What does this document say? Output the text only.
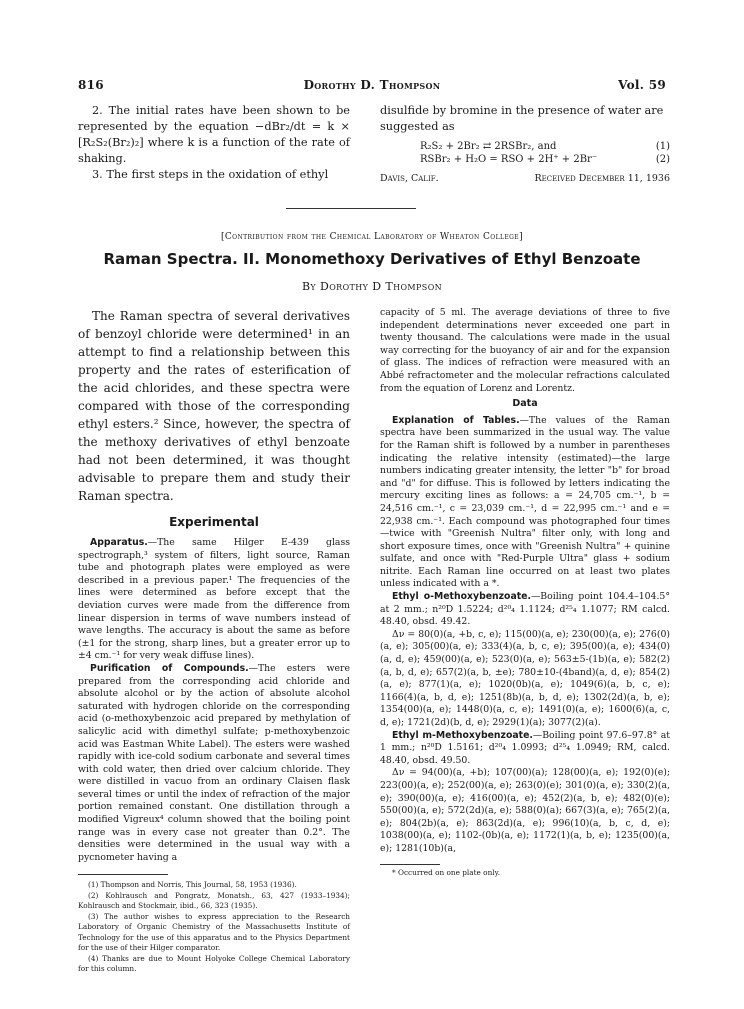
816	Dorothy D. Thompson	Vol. 59

2. The initial rates have been shown to be represented by the equation −dBr₂/dt = k × [R₂S₂(Br₂)₂] where k is a function of the rate of shaking.

3. The first steps in the oxidation of ethyl

disulfide by bromine in the presence of water are suggested as

R₂S₂ + 2Br₂ ⇄ 2RSBr₂, and	(1)
RSBr₂ + H₂O = RSO + 2H⁺ + 2Br⁻	(2)
Davis, Calif.	Received December 11, 1936
[Contribution from the Chemical Laboratory of Wheaton College]
Raman Spectra. II. Monomethoxy Derivatives of Ethyl Benzoate
By Dorothy D Thompson

The Raman spectra of several derivatives of benzoyl chloride were determined¹ in an attempt to find a relationship between this property and the rates of esterification of the acid chlorides, and these spectra were compared with those of the corresponding ethyl esters.² Since, however, the spectra of the methoxy derivatives of ethyl benzoate had not been determined, it was thought advisable to prepare them and study their Raman spectra.

Experimental

Apparatus.—The same Hilger E-439 glass spectrograph,³ system of filters, light source, Raman tube and photograph plates were employed as were described in a previous paper.¹ The frequencies of the lines were determined as before except that the deviation curves were made from the difference from linear dispersion in terms of wave numbers instead of wave lengths. The accuracy is about the same as before (±1 for the strong, sharp lines, but a greater error up to ±4 cm.⁻¹ for very weak diffuse lines).

Purification of Compounds.—The esters were prepared from the corresponding acid chloride and absolute alcohol or by the action of absolute alcohol saturated with hydrogen chloride on the corresponding acid (o-methoxybenzoic acid prepared by methylation of salicylic acid with dimethyl sulfate; p-methoxybenzoic acid was Eastman White Label). The esters were washed rapidly with ice-cold sodium carbonate and several times with cold water, then dried over calcium chloride. They were distilled in vacuo from an ordinary Claisen flask several times or until the index of refraction of the major portion remained constant. One distillation through a modified Vigreux⁴ column showed that the boiling point range was in every case not greater than 0.2°. The densities were determined in the usual way with a pycnometer having a

(1) Thompson and Norris, This Journal, 58, 1953 (1936).

(2) Kohlrausch and Pongratz, Monatsh., 63, 427 (1933–1934); Kohlrausch and Stockmair, ibid., 66, 323 (1935).

(3) The author wishes to express appreciation to the Research Laboratory of Organic Chemistry of the Massachusetts Institute of Technology for the use of this apparatus and to the Physics Department for the use of their Hilger comparator.

(4) Thanks are due to Mount Holyoke College Chemical Laboratory for this column.

capacity of 5 ml. The average deviations of three to five independent determinations never exceeded one part in twenty thousand. The calculations were made in the usual way correcting for the buoyancy of air and for the expansion of glass. The indices of refraction were measured with an Abbé refractometer and the molecular refractions calculated from the equation of Lorenz and Lorentz.

Data

Explanation of Tables.—The values of the Raman spectra have been summarized in the usual way. The value for the Raman shift is followed by a number in parentheses indicating the relative intensity (estimated)—the large numbers indicating greater intensity, the letter "b" for broad and "d" for diffuse. This is followed by letters indicating the mercury exciting lines as follows: a = 24,705 cm.⁻¹, b = 24,516 cm.⁻¹, c = 23,039 cm.⁻¹, d = 22,995 cm.⁻¹ and e = 22,938 cm.⁻¹. Each compound was photographed four times—twice with "Greenish Nultra" filter only, with long and short exposure times, once with "Greenish Nultra" + quinine sulfate, and once with "Red-Purple Ultra" glass + sodium nitrite. Each Raman line occurred on at least two plates unless indicated with a *.

Ethyl o-Methoxybenzoate.—Boiling point 104.4–104.5° at 2 mm.; n²⁰D 1.5224; d²⁰₄ 1.1124; d²⁵₄ 1.1077; RM calcd. 48.40, obsd. 49.42.

Δν = 80(0)(a, +b, c, e); 115(00)(a, e); 230(00)(a, e); 276(0)(a, e); 305(00)(a, e); 333(4)(a, b, c, e); 395(00)(a, e); 434(0)(a, d, e); 459(00)(a, e); 523(0)(a, e); 563±5-(1b)(a, e); 582(2)(a, b, d, e); 657(2)(a, b, ±e); 780±10-(4band)(a, d, e); 854(2)(a, e); 877(1)(a, e); 1020(0b)(a, e); 1049(6)(a, b, c, e); 1166(4)(a, b, d, e); 1251(8b)(a, b, d, e); 1302(2d)(a, b, e); 1354(00)(a, e); 1448(0)(a, c, e); 1491(0)(a, e); 1600(6)(a, c, d, e); 1721(2d)(b, d, e); 2929(1)(a); 3077(2)(a).

Ethyl m-Methoxybenzoate.—Boiling point 97.6–97.8° at 1 mm.; n²⁰D 1.5161; d²⁰₄ 1.0993; d²⁵₄ 1.0949; RM, calcd. 48.40, obsd. 49.50.

Δν = 94(00)(a, +b); 107(00)(a); 128(00)(a, e); 192(0)(e); 223(00)(a, e); 252(00)(a, e); 263(0)(e); 301(0)(a, e); 330(2)(a, e); 390(00)(a, e); 416(00)(a, e); 452(2)(a, b, e); 482(0)(e); 550(00)(a, e); 572(2d)(a, e); 588(0)(a); 667(3)(a, e); 765(2)(a, e); 804(2b)(a, e); 863(2d)(a, e); 996(10)(a, b, c, d, e); 1038(00)(a, e); 1102-(0b)(a, e); 1172(1)(a, b, e); 1235(00)(a, e); 1281(10b)(a,

* Occurred on one plate only.
